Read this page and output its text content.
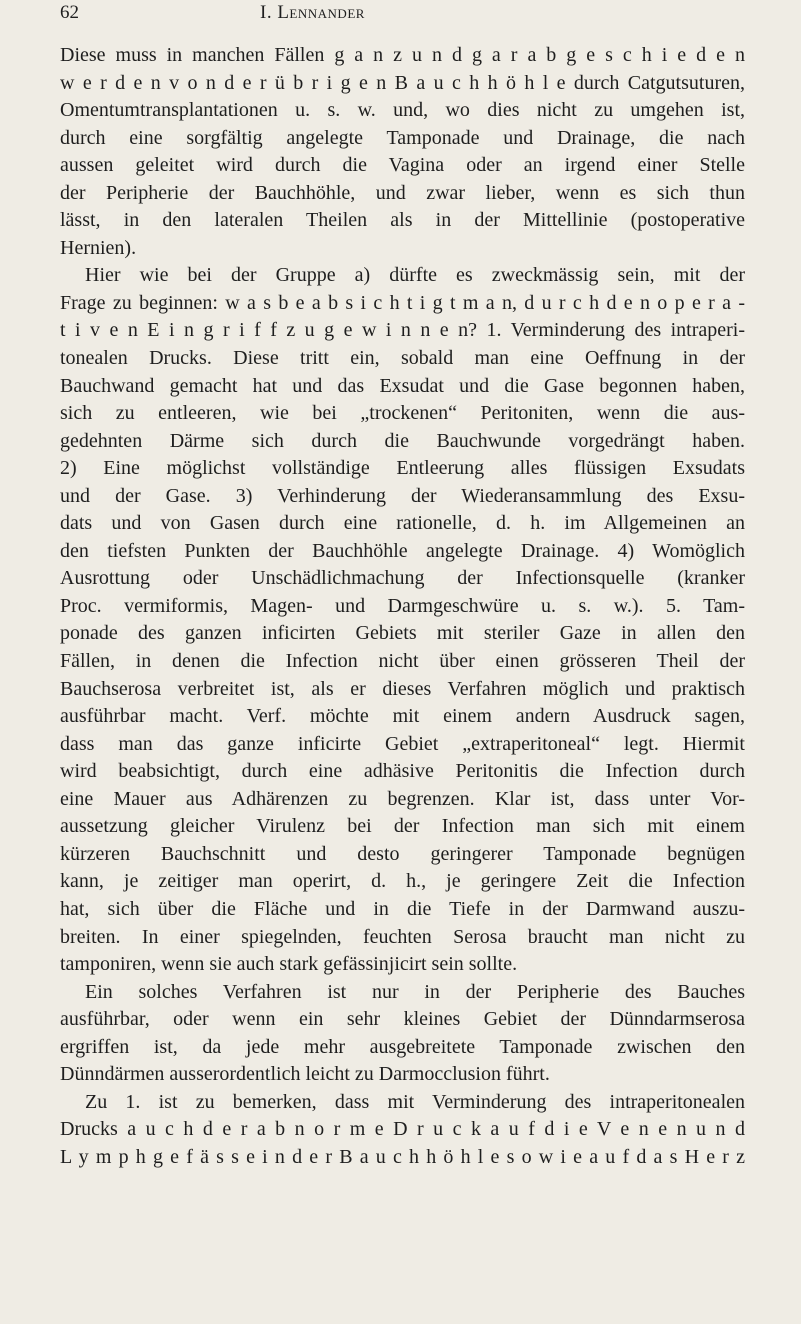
62	I. Lennander
Diese muss in manchen Fällen g a n z u n d g a r a b g e s c h i e d e n
w e r d e n v o n d e r ü b r i g e n B a u c h h ö h l e durch Catgutsuturen,
Omentumtransplantationen u. s. w. und, wo dies nicht zu umgehen ist,
durch eine sorgfältig angelegte Tamponade und Drainage, die nach
aussen geleitet wird durch die Vagina oder an irgend einer Stelle
der Peripherie der Bauchhöhle, und zwar lieber, wenn es sich thun
lässt, in den lateralen Theilen als in der Mittellinie (postoperative
Hernien).
Hier wie bei der Gruppe a) dürfte es zweckmässig sein, mit der
Frage zu beginnen: w a s b e a b s i c h t i g t m a n, d u r c h d e n o p e r a -
t i v e n E i n g r i f f z u g e w i n n e n? 1. Verminderung des intraperi-
tonealen Drucks. Diese tritt ein, sobald man eine Oeffnung in der
Bauchwand gemacht hat und das Exsudat und die Gase begonnen haben,
sich zu entleeren, wie bei „trockenen“ Peritoniten, wenn die aus-
gedehnten Därme sich durch die Bauchwunde vorgedrängt haben.
2) Eine möglichst vollständige Entleerung alles flüssigen Exsudats
und der Gase. 3) Verhinderung der Wiederansammlung des Exsu-
dats und von Gasen durch eine rationelle, d. h. im Allgemeinen an
den tiefsten Punkten der Bauchhöhle angelegte Drainage. 4) Womöglich
Ausrottung oder Unschädlichmachung der Infectionsquelle (kranker
Proc. vermiformis, Magen- und Darmgeschwüre u. s. w.). 5. Tam-
ponade des ganzen inficirten Gebiets mit steriler Gaze in allen den
Fällen, in denen die Infection nicht über einen grösseren Theil der
Bauchserosa verbreitet ist, als er dieses Verfahren möglich und praktisch
ausführbar macht. Verf. möchte mit einem andern Ausdruck sagen,
dass man das ganze inficirte Gebiet „extraperitoneal“ legt. Hiermit
wird beabsichtigt, durch eine adhäsive Peritonitis die Infection durch
eine Mauer aus Adhärenzen zu begrenzen. Klar ist, dass unter Vor-
aussetzung gleicher Virulenz bei der Infection man sich mit einem
kürzeren Bauchschnitt und desto geringerer Tamponade begnügen
kann, je zeitiger man operirt, d. h., je geringere Zeit die Infection
hat, sich über die Fläche und in die Tiefe in der Darmwand auszu-
breiten. In einer spiegelnden, feuchten Serosa braucht man nicht zu
tamponiren, wenn sie auch stark gefässinjicirt sein sollte.
Ein solches Verfahren ist nur in der Peripherie des Bauches
ausführbar, oder wenn ein sehr kleines Gebiet der Dünndarmserosa
ergriffen ist, da jede mehr ausgebreitete Tamponade zwischen den
Dünndärmen ausserordentlich leicht zu Darmocclusion führt.
Zu 1. ist zu bemerken, dass mit Verminderung des intraperitonealen
Drucks a u c h d e r a b n o r m e D r u c k a u f d i e V e n e n u n d
L y m p h g e f ä s s e i n d e r B a u c h h ö h l e s o w i e a u f d a s H e r z
